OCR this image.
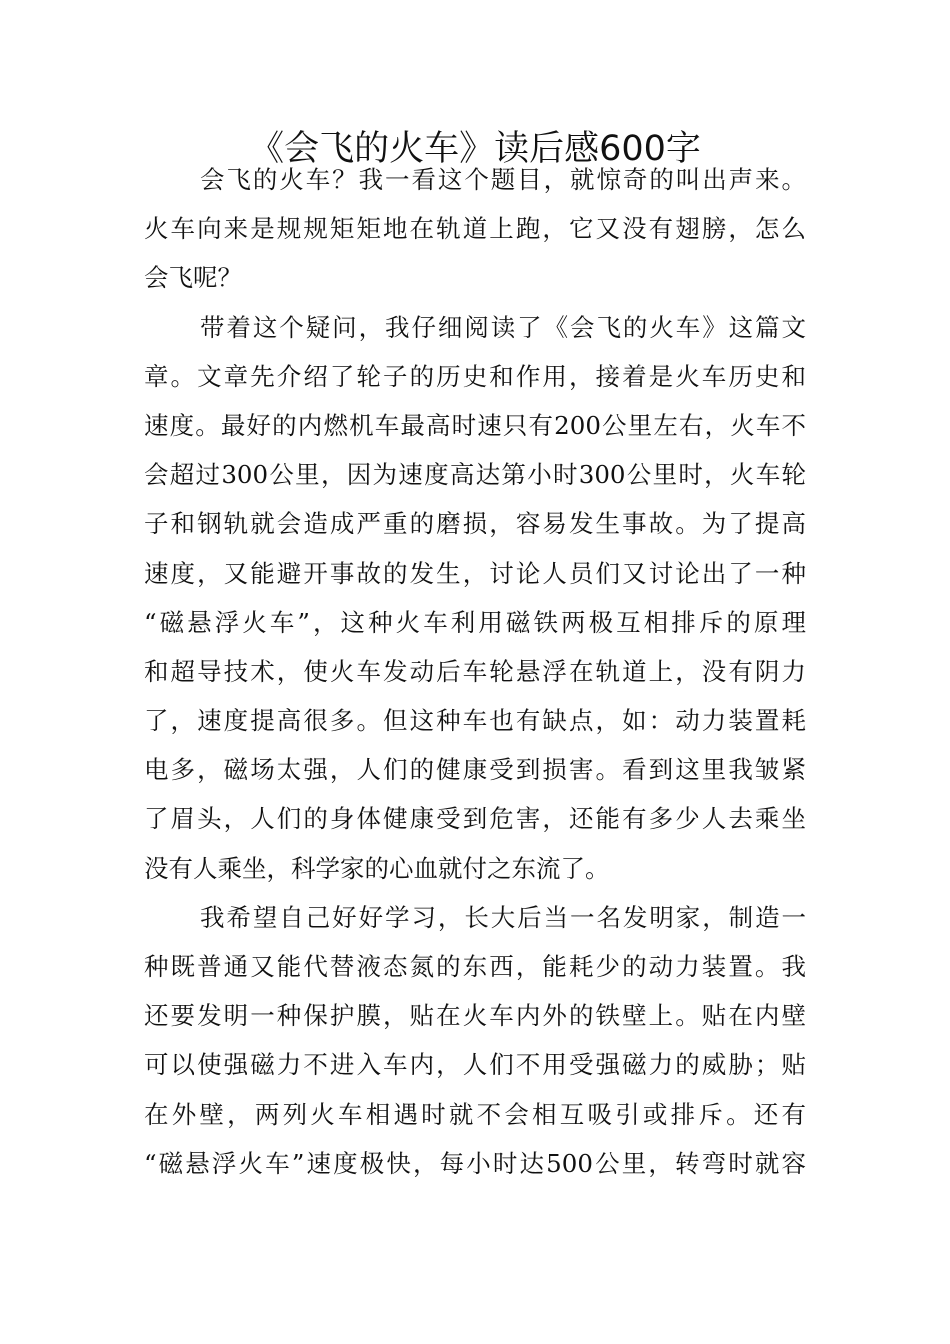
《会飞的火车》读后感600字

会飞的火车？我一看这个题目，就惊奇的叫出声来。
火车向来是规规矩矩地在轨道上跑，它又没有翅膀，怎么
会飞呢？

带着这个疑问，我仔细阅读了《会飞的火车》这篇文
章。文章先介绍了轮子的历史和作用，接着是火车历史和
速度。最好的内燃机车最高时速只有200公里左右，火车不
会超过300公里，因为速度高达第小时300公里时，火车轮
子和钢轨就会造成严重的磨损，容易发生事故。为了提高
速度，又能避开事故的发生，讨论人员们又讨论出了一种
“磁悬浮火车”，这种火车利用磁铁两极互相排斥的原理
和超导技术，使火车发动后车轮悬浮在轨道上，没有阴力
了，速度提高很多。但这种车也有缺点，如：动力装置耗
电多，磁场太强，人们的健康受到损害。看到这里我皱紧
了眉头，人们的身体健康受到危害，还能有多少人去乘坐
没有人乘坐，科学家的心血就付之东流了。

我希望自己好好学习，长大后当一名发明家，制造一
种既普通又能代替液态氮的东西，能耗少的动力装置。我
还要发明一种保护膜，贴在火车内外的铁壁上。贴在内壁
可以使强磁力不进入车内，人们不用受强磁力的威胁；贴
在外壁，两列火车相遇时就不会相互吸引或排斥。还有
“磁悬浮火车”速度极快，每小时达500公里，转弯时就容
